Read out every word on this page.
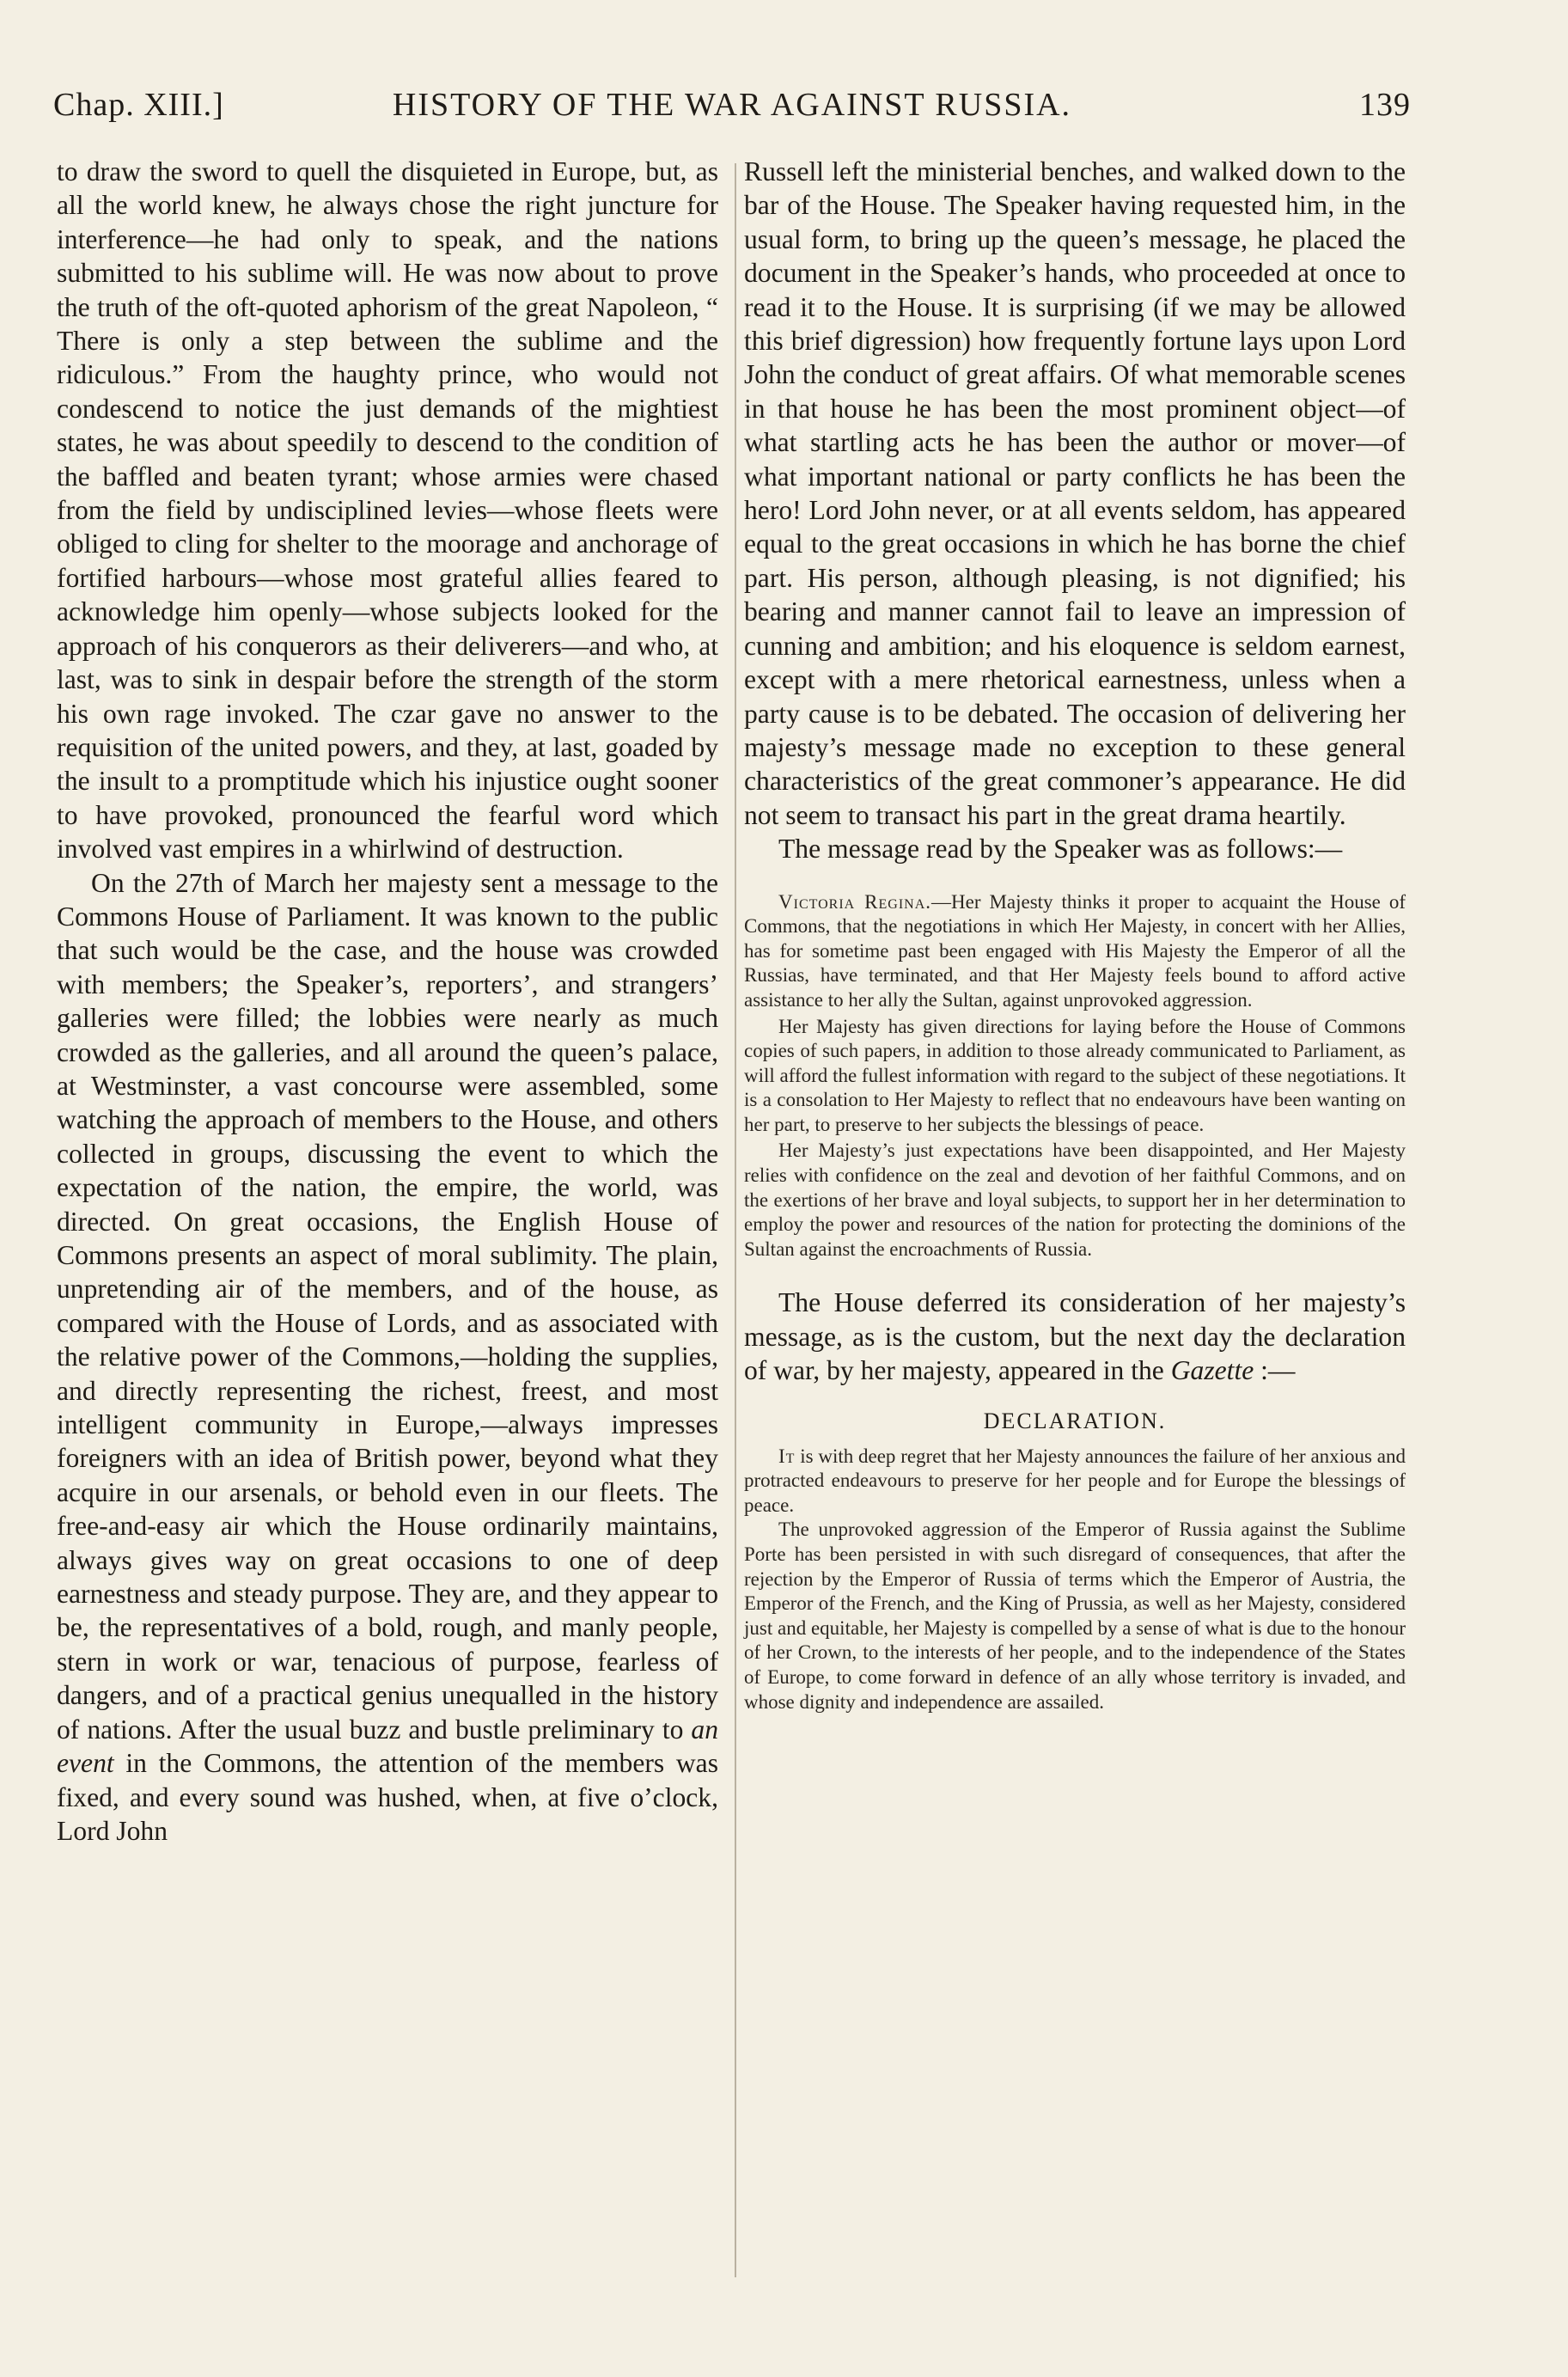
Chap. XIII.]	HISTORY OF THE WAR AGAINST RUSSIA.	139

to draw the sword to quell the disquieted in Europe, but, as all the world knew, he always chose the right juncture for interference—he had only to speak, and the nations submitted to his sublime will. He was now about to prove the truth of the oft-quoted aphorism of the great Napoleon, “ There is only a step between the sublime and the ridiculous.” From the haughty prince, who would not condescend to notice the just demands of the mightiest states, he was about speedily to descend to the condition of the baffled and beaten tyrant; whose armies were chased from the field by undisciplined levies—whose fleets were obliged to cling for shelter to the moorage and anchorage of fortified harbours—whose most grateful allies feared to acknowledge him openly—whose subjects looked for the approach of his conquerors as their deliverers—and who, at last, was to sink in despair before the strength of the storm his own rage invoked. The czar gave no answer to the requisition of the united powers, and they, at last, goaded by the insult to a promptitude which his injustice ought sooner to have provoked, pronounced the fearful word which involved vast empires in a whirlwind of destruction.

On the 27th of March her majesty sent a message to the Commons House of Parliament. It was known to the public that such would be the case, and the house was crowded with members; the Speaker’s, reporters’, and strangers’ galleries were filled; the lobbies were nearly as much crowded as the galleries, and all around the queen’s palace, at Westminster, a vast concourse were assembled, some watching the approach of members to the House, and others collected in groups, discussing the event to which the expectation of the nation, the empire, the world, was directed. On great occasions, the English House of Commons presents an aspect of moral sublimity. The plain, unpretending air of the members, and of the house, as compared with the House of Lords, and as associated with the relative power of the Commons,—holding the supplies, and directly representing the richest, freest, and most intelligent community in Europe,—always impresses foreigners with an idea of British power, beyond what they acquire in our arsenals, or behold even in our fleets. The free-and-easy air which the House ordinarily maintains, always gives way on great occasions to one of deep earnestness and steady purpose. They are, and they appear to be, the representatives of a bold, rough, and manly people, stern in work or war, tenacious of purpose, fearless of dangers, and of a practical genius unequalled in the history of nations. After the usual buzz and bustle preliminary to an event in the Commons, the attention of the members was fixed, and every sound was hushed, when, at five o’clock, Lord John

Russell left the ministerial benches, and walked down to the bar of the House. The Speaker having requested him, in the usual form, to bring up the queen’s message, he placed the document in the Speaker’s hands, who proceeded at once to read it to the House. It is surprising (if we may be allowed this brief digression) how frequently fortune lays upon Lord John the conduct of great affairs. Of what memorable scenes in that house he has been the most prominent object—of what startling acts he has been the author or mover—of what important national or party conflicts he has been the hero! Lord John never, or at all events seldom, has appeared equal to the great occasions in which he has borne the chief part. His person, although pleasing, is not dignified; his bearing and manner cannot fail to leave an impression of cunning and ambition; and his eloquence is seldom earnest, except with a mere rhetorical earnestness, unless when a party cause is to be debated. The occasion of delivering her majesty’s message made no exception to these general characteristics of the great commoner’s appearance. He did not seem to transact his part in the great drama heartily.

The message read by the Speaker was as follows:—

Victoria Regina.—Her Majesty thinks it proper to acquaint the House of Commons, that the negotiations in which Her Majesty, in concert with her Allies, has for sometime past been engaged with His Majesty the Emperor of all the Russias, have terminated, and that Her Majesty feels bound to afford active assistance to her ally the Sultan, against unprovoked aggression.

Her Majesty has given directions for laying before the House of Commons copies of such papers, in addition to those already communicated to Parliament, as will afford the fullest information with regard to the subject of these negotiations. It is a consolation to Her Majesty to reflect that no endeavours have been wanting on her part, to preserve to her subjects the blessings of peace.

Her Majesty’s just expectations have been disappointed, and Her Majesty relies with confidence on the zeal and devotion of her faithful Commons, and on the exertions of her brave and loyal subjects, to support her in her determination to employ the power and resources of the nation for protecting the dominions of the Sultan against the encroachments of Russia.

The House deferred its consideration of her majesty’s message, as is the custom, but the next day the declaration of war, by her majesty, appeared in the Gazette :—

DECLARATION.

It is with deep regret that her Majesty announces the failure of her anxious and protracted endeavours to preserve for her people and for Europe the blessings of peace.

The unprovoked aggression of the Emperor of Russia against the Sublime Porte has been persisted in with such disregard of consequences, that after the rejection by the Emperor of Russia of terms which the Emperor of Austria, the Emperor of the French, and the King of Prussia, as well as her Majesty, considered just and equitable, her Majesty is compelled by a sense of what is due to the honour of her Crown, to the interests of her people, and to the independence of the States of Europe, to come forward in defence of an ally whose territory is invaded, and whose dignity and independence are assailed.
